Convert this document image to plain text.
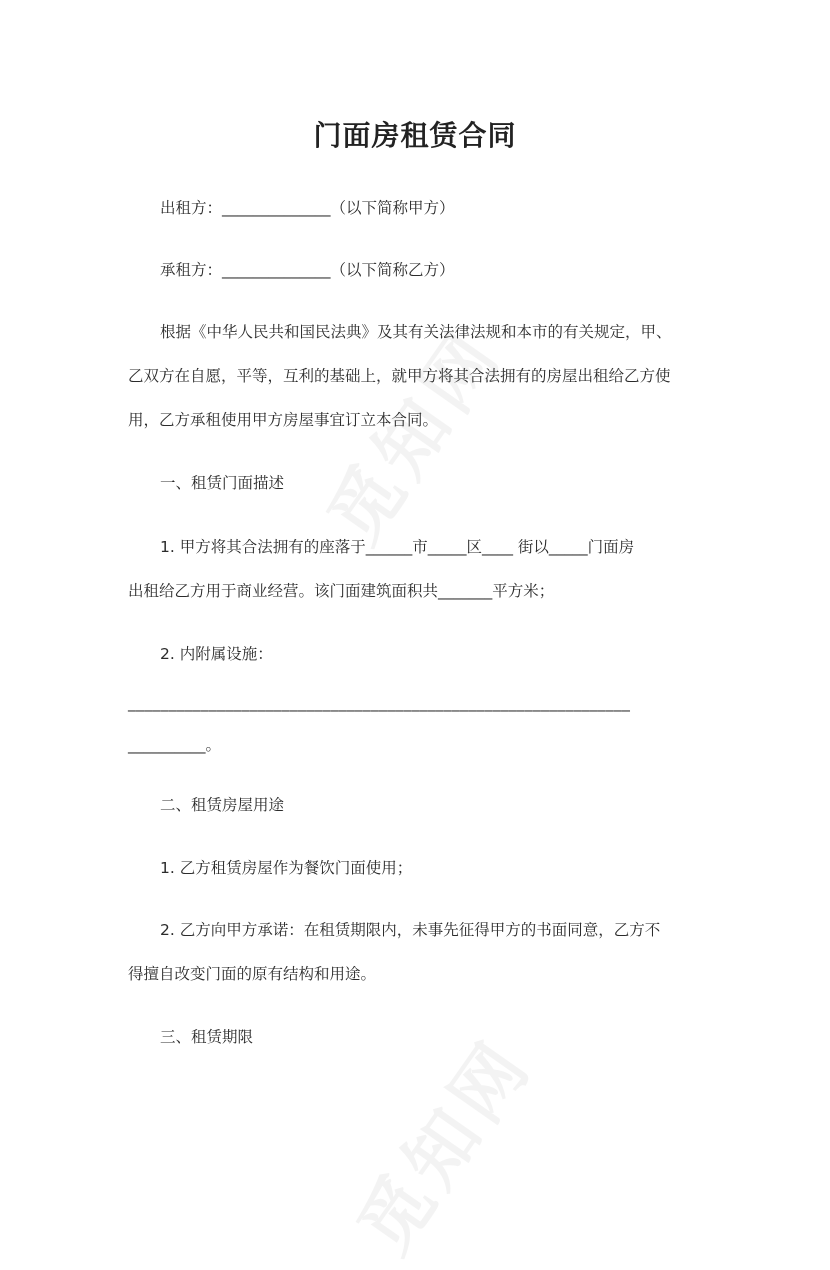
门面房租赁合同
出租方：______________（以下简称甲方）
承租方：______________（以下简称乙方）
根据《中华人民共和国民法典》及其有关法律法规和本市的有关规定，甲、
乙双方在自愿，平等，互利的基础上，就甲方将其合法拥有的房屋出租给乙方使
用，乙方承租使用甲方房屋事宜订立本合同。
一、租赁门面描述
1. 甲方将其合法拥有的座落于______市_____区____ 街以_____门面房
出租给乙方用于商业经营。该门面建筑面积共_______平方米；
2. 内附属设施：
______________________________________________________________
__________。
二、租赁房屋用途
1. 乙方租赁房屋作为餐饮门面使用；
2. 乙方向甲方承诺：在租赁期限内，未事先征得甲方的书面同意，乙方不
得擅自改变门面的原有结构和用途。
三、租赁期限
